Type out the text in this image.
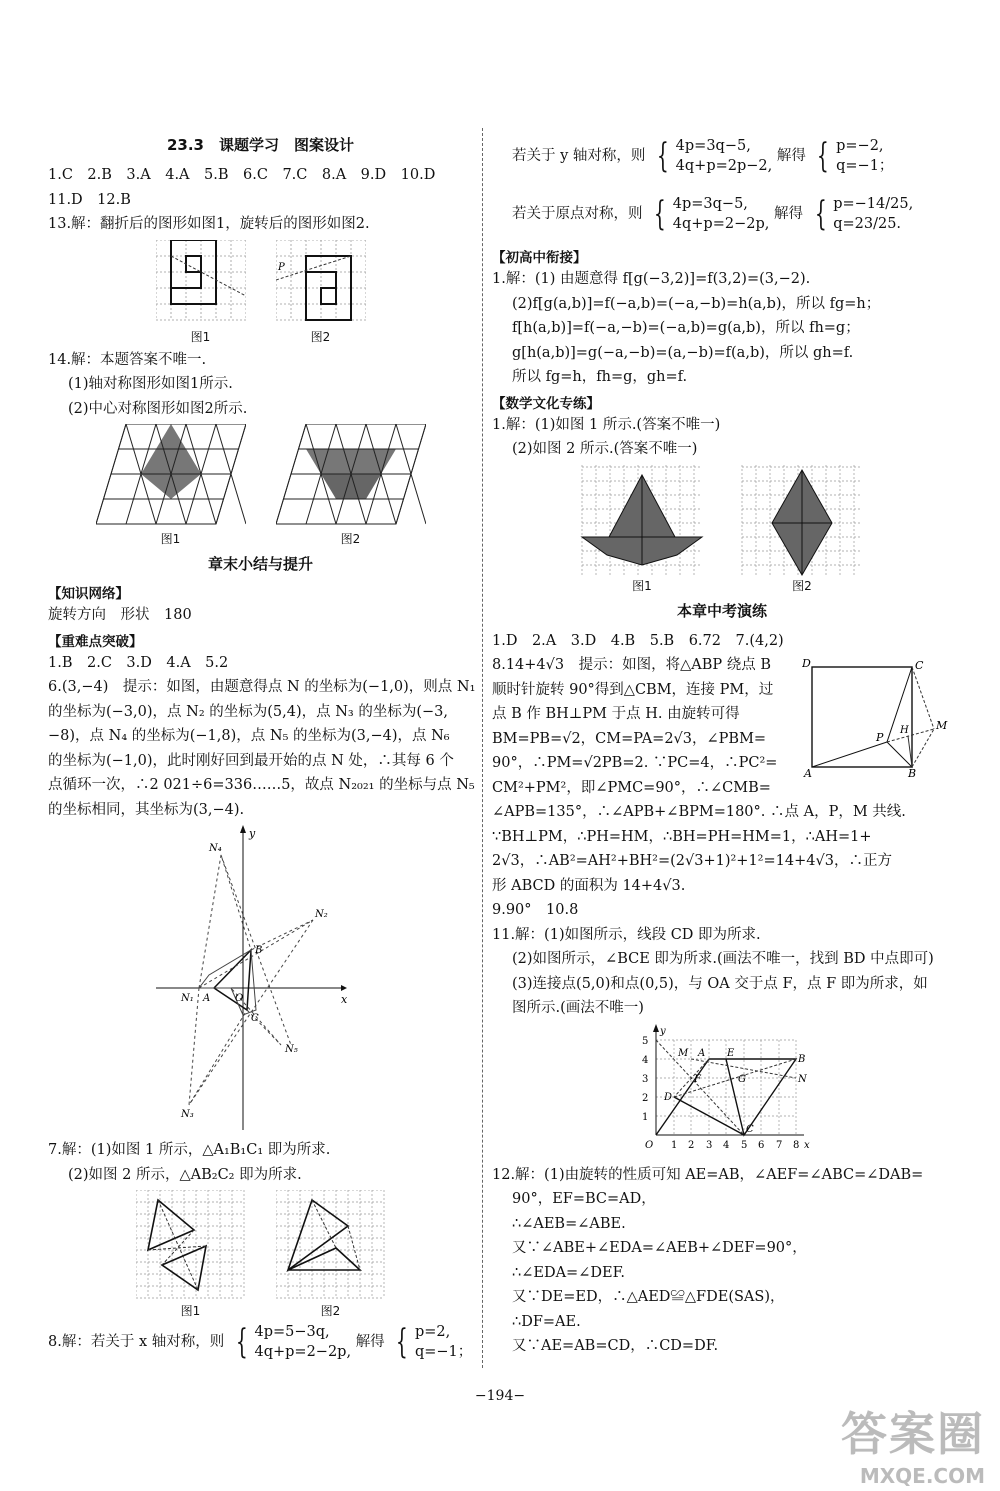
23.3　课题学习　图案设计
1.C　2.B　3.A　4.A　5.B　6.C　7.C　8.A　9.D　10.D
11.D　12.B
13.解：翻折后的图形如图1，旋转后的图形如图2.
图1
P
图2
14.解：本题答案不唯一.
(1)轴对称图形如图1所示.
(2)中心对称图形如图2所示.
图1	图2
章末小结与提升
【知识网络】
旋转方向　形状　180
【重难点突破】
1.B　2.C　3.D　4.A　5.2
6.(3,−4)　提示：如图，由题意得点 N 的坐标为(−1,0)，则点 N₁
的坐标为(−3,0)，点 N₂ 的坐标为(5,4)，点 N₃ 的坐标为(−3,
−8)，点 N₄ 的坐标为(−1,8)，点 N₅ 的坐标为(3,−4)，点 N₆
的坐标为(−1,0)，此时刚好回到最开始的点 N 处，∴其每 6 个
点循环一次，∴2 021÷6=336……5，故点 N₂₀₂₁ 的坐标与点 N₅
的坐标相同，其坐标为(3,−4).
y
x
N₄
N₂
N₁ A O
B
C
N₅
N₃
7.解：(1)如图 1 所示，△A₁B₁C₁ 即为所求.
(2)如图 2 所示，△AB₂C₂ 即为所求.
图1	图2
8.解：若关于 x 轴对称，则 { 4p=5−3q,
4q+p=2−2p,
解得 { p=2,
q=−1；
若关于 y 轴对称，则 { 4p=3q−5,
4q+p=2p−2,
解得 { p=−2,
q=−1；
若关于原点对称，则 { 4p=3q−5,
4q+p=2−2p,
解得 { p=−14/25,
q=23/25.
【初高中衔接】
1.解：(1) 由题意得 f[g(−3,2)]=f(3,2)=(3,−2).
(2)f[g(a,b)]=f(−a,b)=(−a,−b)=h(a,b)，所以 fg=h；
f[h(a,b)]=f(−a,−b)=(−a,b)=g(a,b)，所以 fh=g；
g[h(a,b)]=g(−a,−b)=(a,−b)=f(a,b)，所以 gh=f.
所以 fg=h，fh=g，gh=f.
【数学文化专练】
1.解：(1)如图 1 所示.(答案不唯一)
(2)如图 2 所示.(答案不唯一)
图1	图2
本章中考演练
1.D　2.A　3.D　4.B　5.B　6.72　7.(4,2)
D	C
P
H M
A	B
8.14+4√3　提示：如图，将△ABP 绕点 B
顺时针旋转 90°得到△CBM，连接 PM，过
点 B 作 BH⊥PM 于点 H. 由旋转可得
BM=PB=√2，CM=PA=2√3，∠PBM=
90°，∴PM=√2PB=2. ∵PC=4，∴PC²=
CM²+PM²，即∠PMC=90°，∴∠CMB=
∠APB=135°，∴∠APB+∠BPM=180°. ∴点 A，P，M 共线.
∵BH⊥PM，∴PH=HM，∴BH=PH=HM=1，∴AH=1+
2√3，∴AB²=AH²+BH²=(2√3+1)²+1²=14+4√3，∴正方
形 ABCD 的面积为 14+4√3.
9.90°　10.8
11.解：(1)如图所示，线段 CD 即为所求.
(2)如图所示，∠BCE 即为所求.(画法不唯一，找到 BD 中点即可)
(3)连接点(5,0)和点(0,5)，与 OA 交于点 F，点 F 即为所求，如
图所示.(画法不唯一)
y
5
4
3
2
1
O 1 2 3 4 5 6 7 8 x
M A E
B
D
F	G	N
C
12.解：(1)由旋转的性质可知 AE=AB，∠AEF=∠ABC=∠DAB=
90°，EF=BC=AD，
∴∠AEB=∠ABE.
又∵∠ABE+∠EDA=∠AEB+∠DEF=90°，
∴∠EDA=∠DEF.
又∵DE=ED，∴△AED≌△FDE(SAS)，
∴DF=AE.
又∵AE=AB=CD，∴CD=DF.
−194−
答案圈
MXQE.COM
